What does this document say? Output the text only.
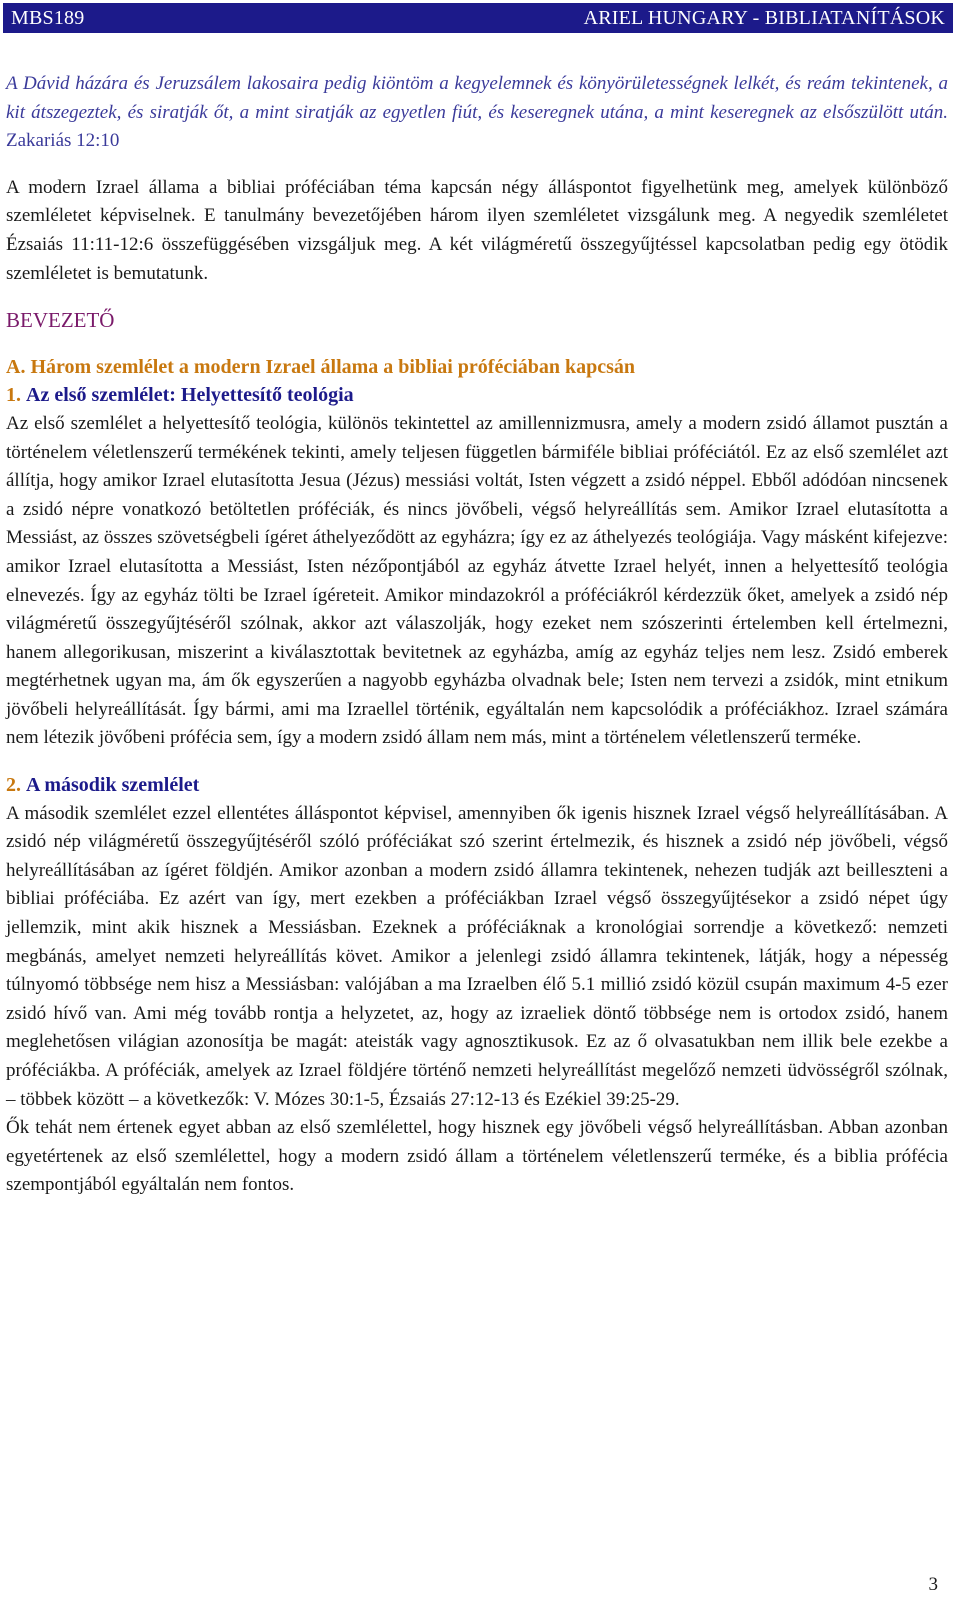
MBS189	ARIEL HUNGARY - BIBLIATANÍTÁSOK

A Dávid házára és Jeruzsálem lakosaira pedig kiöntöm a kegyelemnek és könyörületességnek lelkét, és reám tekintenek, a kit átszegeztek, és siratják őt, a mint siratják az egyetlen fiút, és keseregnek utána, a mint keseregnek az elsőszülött után. Zakariás 12:10

A modern Izrael állama a bibliai próféciában téma kapcsán négy álláspontot figyelhetünk meg, amelyek különböző szemléletet képviselnek. E tanulmány bevezetőjében három ilyen szemléletet vizsgálunk meg. A negyedik szemléletet Ézsaiás 11:11-12:6 összefüggésében vizsgáljuk meg. A két világméretű összegyűjtéssel kapcsolatban pedig egy ötödik szemléletet is bemutatunk.

BEVEZETŐ

A. Három szemlélet a modern Izrael állama a bibliai próféciában kapcsán

1. Az első szemlélet: Helyettesítő teológia

Az első szemlélet a helyettesítő teológia, különös tekintettel az amillennizmusra, amely a modern zsidó államot pusztán a történelem véletlenszerű termékének tekinti, amely teljesen független bármiféle bibliai próféciától. Ez az első szemlélet azt állítja, hogy amikor Izrael elutasította Jesua (Jézus) messiási voltát, Isten végzett a zsidó néppel. Ebből adódóan nincsenek a zsidó népre vonatkozó betöltetlen próféciák, és nincs jövőbeli, végső helyreállítás sem. Amikor Izrael elutasította a Messiást, az összes szövetségbeli ígéret áthelyeződött az egyházra; így ez az áthelyezés teológiája. Vagy másként kifejezve: amikor Izrael elutasította a Messiást, Isten nézőpontjából az egyház átvette Izrael helyét, innen a helyettesítő teológia elnevezés. Így az egyház tölti be Izrael ígéreteit. Amikor mindazokról a próféciákról kérdezzük őket, amelyek a zsidó nép világméretű összegyűjtéséről szólnak, akkor azt válaszolják, hogy ezeket nem szószerinti értelemben kell értelmezni, hanem allegorikusan, miszerint a kiválasztottak bevitetnek az egyházba, amíg az egyház teljes nem lesz. Zsidó emberek megtérhetnek ugyan ma, ám ők egyszerűen a nagyobb egyházba olvadnak bele; Isten nem tervezi a zsidók, mint etnikum jövőbeli helyreállítását. Így bármi, ami ma Izraellel történik, egyáltalán nem kapcsolódik a próféciákhoz. Izrael számára nem létezik jövőbeni prófécia sem, így a modern zsidó állam nem más, mint a történelem véletlenszerű terméke.

2. A második szemlélet

A második szemlélet ezzel ellentétes álláspontot képvisel, amennyiben ők igenis hisznek Izrael végső helyreállításában. A zsidó nép világméretű összegyűjtéséről szóló próféciákat szó szerint értelmezik, és hisznek a zsidó nép jövőbeli, végső helyreállításában az ígéret földjén. Amikor azonban a modern zsidó államra tekintenek, nehezen tudják azt beilleszteni a bibliai próféciába. Ez azért van így, mert ezekben a próféciákban Izrael végső összegyűjtésekor a zsidó népet úgy jellemzik, mint akik hisznek a Messiásban. Ezeknek a próféciáknak a kronológiai sorrendje a következő: nemzeti megbánás, amelyet nemzeti helyreállítás követ. Amikor a jelenlegi zsidó államra tekintenek, látják, hogy a népesség túlnyomó többsége nem hisz a Messiásban: valójában a ma Izraelben élő 5.1 millió zsidó közül csupán maximum 4-5 ezer zsidó hívő van. Ami még tovább rontja a helyzetet, az, hogy az izraeliek döntő többsége nem is ortodox zsidó, hanem meglehetősen világian azonosítja be magát: ateisták vagy agnosztikusok. Ez az ő olvasatukban nem illik bele ezekbe a próféciákba. A próféciák, amelyek az Izrael földjére történő nemzeti helyreállítást megelőző nemzeti üdvösségről szólnak, – többek között – a következők: V. Mózes 30:1-5, Ézsaiás 27:12-13 és Ezékiel 39:25-29.

Ők tehát nem értenek egyet abban az első szemlélettel, hogy hisznek egy jövőbeli végső helyreállításban. Abban azonban egyetértenek az első szemlélettel, hogy a modern zsidó állam a történelem véletlenszerű terméke, és a biblia prófécia szempontjából egyáltalán nem fontos.

3
